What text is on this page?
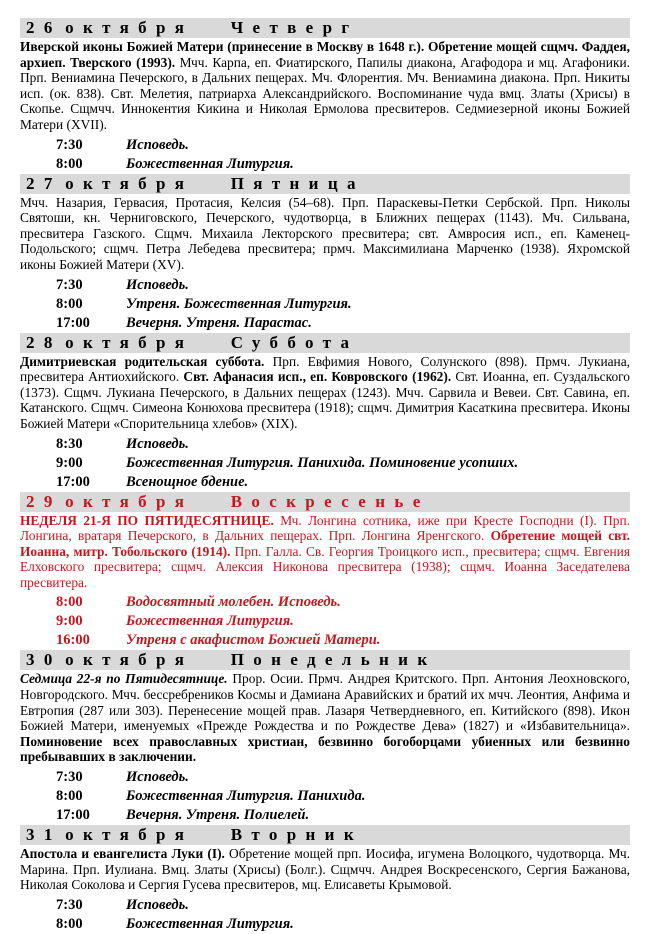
26 октября Четверг

Иверской иконы Божией Матери (принесение в Москву в 1648 г.). Обретение мощей сщмч. Фаддея, архиеп. Тверского (1993). Мчч. Карпа, еп. Фиатирского, Папилы диакона, Агафодора и мц. Агафоники. Прп. Вениамина Печерского, в Дальних пещерах. Мч. Флорентия. Мч. Вениамина диакона. Прп. Никиты исп. (ок. 838). Свт. Мелетия, патриарха Александрийского. Воспоминание чуда вмц. Златы (Хрисы) в Скопье. Сщмчч. Иннокентия Кикина и Николая Ермолова пресвитеров. Седмиезерной иконы Божией Матери (XVII).

7:30	Исповедь.
8:00	Божественная Литургия.
27 октября Пятница

Мчч. Назария, Гервасия, Протасия, Келсия (54–68). Прп. Параскевы-Петки Сербской. Прп. Николы Святоши, кн. Черниговского, Печерского, чудотворца, в Ближних пещерах (1143). Мч. Сильвана, пресвитера Газского. Сщмч. Михаила Лекторского пресвитера; свт. Амвросия исп., еп. Каменец-Подольского; сщмч. Петра Лебедева пресвитера; прмч. Максимилиана Марченко (1938). Яхромской иконы Божией Матери (XV).

7:30	Исповедь.
8:00	Утреня. Божественная Литургия.
17:00	Вечерня. Утреня. Парастас.
28 октября Суббота

Димитриевская родительская суббота. Прп. Евфимия Нового, Солунского (898). Прмч. Лукиана, пресвитера Антиохийского. Свт. Афанасия исп., еп. Ковровского (1962). Свт. Иоанна, еп. Суздальского (1373). Сщмч. Лукиана Печерского, в Дальних пещерах (1243). Мчч. Сарвила и Вевеи. Свт. Савина, еп. Катанского. Сщмч. Симеона Конюхова пресвитера (1918); сщмч. Димитрия Касаткина пресвитера. Иконы Божией Матери «Спорительница хлебов» (XIX).

8:30	Исповедь.
9:00	Божественная Литургия. Панихида. Поминовение усопших.
17:00	Всенощное бдение.
29 октября Воскресенье

НЕДЕЛЯ 21-Я ПО ПЯТИДЕСЯТНИЦЕ. Мч. Лонгина сотника, иже при Кресте Господни (I). Прп. Лонгина, вратаря Печерского, в Дальних пещерах. Прп. Лонгина Яренгского. Обретение мощей свт. Иоанна, митр. Тобольского (1914). Прп. Галла. Св. Георгия Троицкого исп., пресвитера; сщмч. Евгения Елховского пресвитера; сщмч. Алексия Никонова пресвитера (1938); сщмч. Иоанна Заседателева пресвитера.

8:00	Водосвятный молебен. Исповедь.
9:00	Божественная Литургия.
16:00	Утреня с акафистом Божией Матери.
30 октября Понедельник

Седмица 22-я по Пятидесятнице. Прор. Осии. Прмч. Андрея Критского. Прп. Антония Леохновского, Новгородского. Мчч. бессребреников Космы и Дамиана Аравийских и братий их мчч. Леонтия, Анфима и Евтропия (287 или 303). Перенесение мощей прав. Лазаря Четвердневного, еп. Китийского (898). Икон Божией Матери, именуемых «Прежде Рождества и по Рождестве Дева» (1827) и «Избавительница». Поминовение всех православных христиан, безвинно богоборцами убиенных или безвинно пребывавших в заключении.

7:30	Исповедь.
8:00	Божественная Литургия. Панихида.
17:00	Вечерня. Утреня. Полиелей.
31 октября Вторник

Апостола и евангелиста Луки (I). Обретение мощей прп. Иосифа, игумена Волоцкого, чудотворца. Мч. Марина. Прп. Иулиана. Вмц. Златы (Хрисы) (Болг.). Сщмчч. Андрея Воскресенского, Сергия Бажанова, Николая Соколова и Сергия Гусева пресвитеров, мц. Елисаветы Крымовой.

7:30	Исповедь.
8:00	Божественная Литургия.
